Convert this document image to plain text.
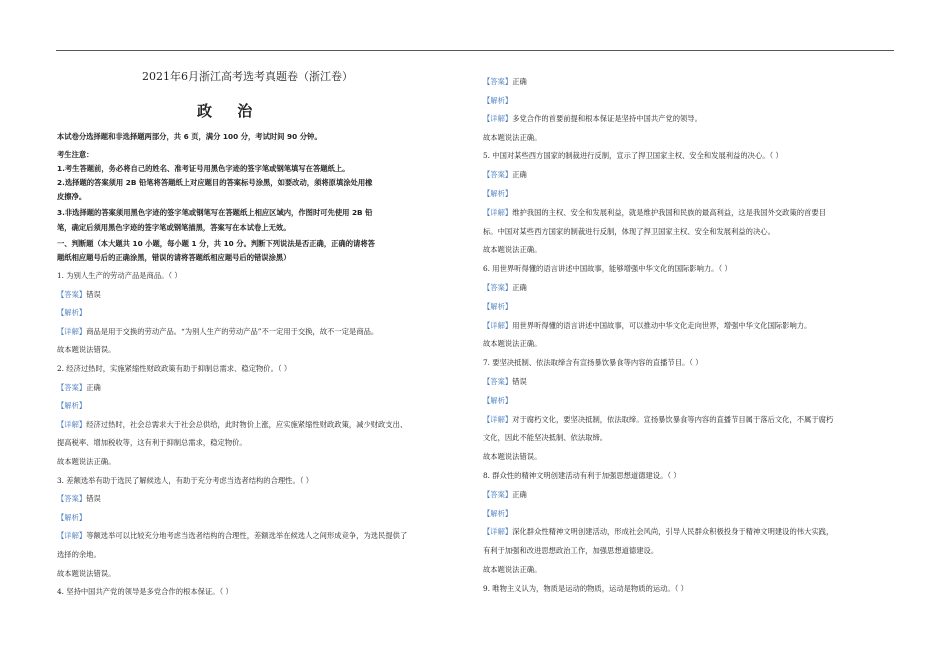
2021年6月浙江高考选考真题卷（浙江卷）
政 治
本试卷分选择题和非选择题两部分，共 6 页，满分 100 分，考试时间 90 分钟。
考生注意：
1.考生答题前，务必将自己的姓名、准考证号用黑色字迹的签字笔或钢笔填写在答题纸上。
2.选择题的答案须用 2B 铅笔将答题纸上对应题目的答案标号涂黑，如要改动，须将原填涂处用橡
皮擦净。
3.非选择题的答案须用黑色字迹的签字笔或钢笔写在答题纸上相应区域内，作图时可先使用 2B 铅
笔，确定后须用黑色字迹的签字笔或钢笔描黑，答案写在本试卷上无效。
一、判断题（本大题共 10 小题，每小题 1 分，共 10 分。判断下列说法是否正确，正确的请将答
题纸相应题号后的正确涂黑，错误的请将答题纸相应题号后的错误涂黑）
1. 为别人生产的劳动产品是商品。（ ）
【答案】错误
【解析】
【详解】商品是用于交换的劳动产品。“为别人生产的劳动产品”不一定用于交换，故不一定是商品。
故本题说法错误。
2. 经济过热时，实施紧缩性财政政策有助于抑制总需求、稳定物价。（ ）
【答案】正确
【解析】
【详解】经济过热时，社会总需求大于社会总供给，此时物价上涨，应实施紧缩性财政政策，减少财政支出、
提高税率、增加税收等，这有利于抑制总需求，稳定物价。
故本题说法正确。
3. 差额选举有助于选民了解候选人，有助于充分考虑当选者结构的合理性。（ ）
【答案】错误
【解析】
【详解】等额选举可以比较充分地考虑当选者结构的合理性，差额选举在候选人之间形成竞争，为选民提供了
选择的余地。
故本题说法错误。
4. 坚持中国共产党的领导是多党合作的根本保证。（ ）
【答案】正确
【解析】
【详解】多党合作的首要前提和根本保证是坚持中国共产党的领导。
故本题说法正确。
5. 中国对某些西方国家的制裁进行反制，宣示了捍卫国家主权、安全和发展利益的决心。（ ）
【答案】正确
【解析】
【详解】维护我国的主权、安全和发展利益，就是维护我国和民族的最高利益，这是我国外交政策的首要目
标。中国对某些西方国家的制裁进行反制，体现了捍卫国家主权、安全和发展利益的决心。
故本题说法正确。
6. 用世界听得懂的语言讲述中国故事，能够增强中华文化的国际影响力。（ ）
【答案】正确
【解析】
【详解】用世界听得懂的语言讲述中国故事，可以推动中华文化走向世界，增强中华文化国际影响力。
故本题说法正确。
7. 要坚决抵制、依法取缔含有宣扬暴饮暴食等内容的直播节目。（ ）
【答案】错误
【解析】
【详解】对于腐朽文化，要坚决抵制，依法取缔。宣扬暴饮暴食等内容的直播节目属于落后文化，不属于腐朽
文化，因此不能坚决抵制、依法取缔。
故本题说法错误。
8. 群众性的精神文明创建活动有利于加强思想道德建设。（ ）
【答案】正确
【解析】
【详解】深化群众性精神文明创建活动，形成社会风尚，引导人民群众积极投身于精神文明建设的伟大实践，
有利于加强和改进思想政治工作，加强思想道德建设。
故本题说法正确。
9. 唯物主义认为，物质是运动的物质，运动是物质的运动。（ ）
